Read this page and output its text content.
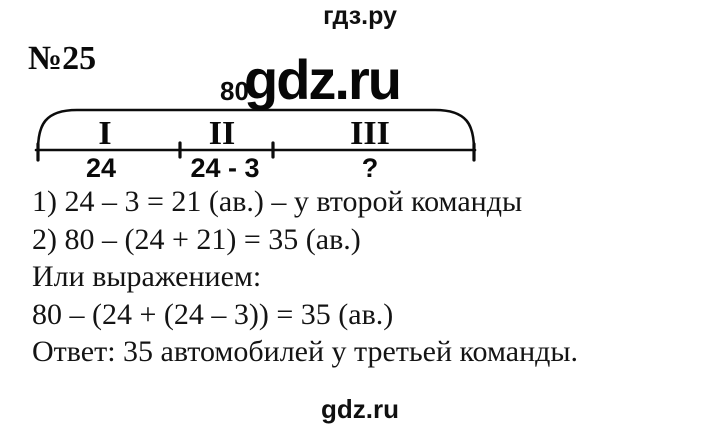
гдз.ру
№25
80
gdz.ru
I	II	III
24	24 - 3	?
1) 24 – 3 = 21 (ав.) – у второй команды
2) 80 – (24 + 21) = 35 (ав.)
Или выражением:
80 – (24 + (24 – 3)) = 35 (ав.)
Ответ: 35 автомобилей у третьей команды.
gdz.ru
